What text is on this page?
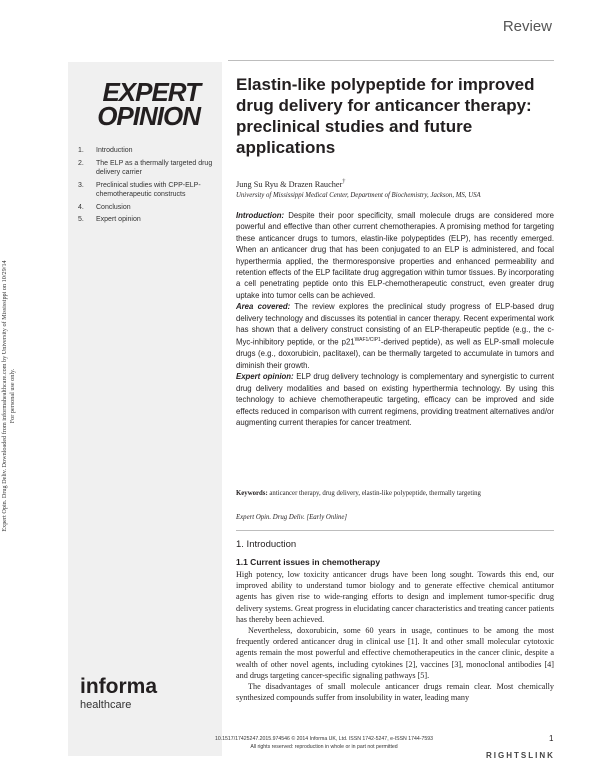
Review
EXPERT
OPINION
1.	Introduction
2.	The ELP as a thermally targeted drug delivery carrier
3.	Preclinical studies with CPP-ELP-chemotherapeutic constructs
4.	Conclusion
5.	Expert opinion
informa
healthcare
Expert Opin. Drug Deliv. Downloaded from informahealthcare.com by University of Mississippi on 10/29/14 For personal use only.
Elastin-like polypeptide for improved drug delivery for anticancer therapy: preclinical studies and future applications
Jung Su Ryu & Drazen Raucher†
University of Mississippi Medical Center, Department of Biochemistry, Jackson, MS, USA

Introduction: Despite their poor specificity, small molecule drugs are considered more powerful and effective than other current chemotherapies. A promising method for targeting these anticancer drugs to tumors, elastin-like polypeptides (ELP), has recently emerged. When an anticancer drug that has been conjugated to an ELP is administered, and focal hyperthermia applied, the thermoresponsive properties and enhanced permeability and retention effects of the ELP facilitate drug aggregation within tumor tissues. By incorporating a cell penetrating peptide onto this ELP-chemotherapeutic construct, even greater drug uptake into tumor cells can be achieved.

Area covered: The review explores the preclinical study progress of ELP-based drug delivery technology and discusses its potential in cancer therapy. Recent experimental work has shown that a delivery construct consisting of an ELP-therapeutic peptide (e.g., the c-Myc-inhibitory peptide, or the $p21^{WAF1/CIP1}$-derived peptide), as well as ELP-small molecule drugs (e.g., doxorubicin, paclitaxel), can be thermally targeted to accumulate in tumors and diminish their growth.

Expert opinion: ELP drug delivery technology is complementary and synergistic to current drug delivery modalities and based on existing hyperthermia technology. By using this technology to achieve chemotherapeutic targeting, efficacy can be improved and side effects reduced in comparison with current regimens, providing treatment alternatives and/or augmenting current therapies for cancer treatment.

Keywords: anticancer therapy, drug delivery, elastin-like polypeptide, thermally targeting
Expert Opin. Drug Deliv. [Early Online]
1. Introduction
1.1 Current issues in chemotherapy

High potency, low toxicity anticancer drugs have been long sought. Towards this end, our improved ability to understand tumor biology and to generate effective chemical antitumor agents has given rise to wide-ranging efforts to design and implement tumor-specific drug delivery systems. Great progress in elucidating cancer characteristics and treating cancer patients has thereby been achieved.

Nevertheless, doxorubicin, some 60 years in usage, continues to be among the most frequently ordered anticancer drug in clinical use [1]. It and other small molecular cytotoxic agents remain the most powerful and effective chemotherapeutics in the cancer clinic, despite a wealth of other novel agents, including cytokines [2], vaccines [3], monoclonal antibodies [4] and drugs targeting cancer-specific signaling pathways [5].

The disadvantages of small molecule anticancer drugs remain clear. Most chemically synthesized compounds suffer from insolubility in water, leading many

10.1517/17425247.2015.974546 © 2014 Informa UK, Ltd. ISSN 1742-5247, e-ISSN 1744-7593
All rights reserved: reproduction in whole or in part not permitted
1
RIGHTSLINK
